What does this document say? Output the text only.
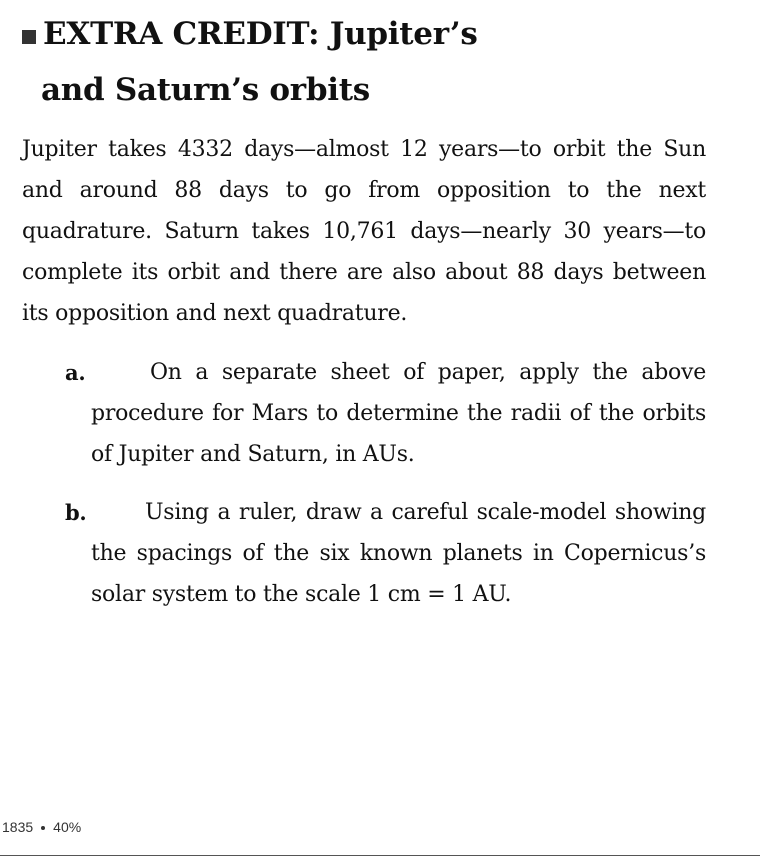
EXTRA CREDIT: Jupiter’s
and Saturn’s orbits
Jupiter takes 4332 days—almost 12 years—to orbit the Sun and around 88 days to go from opposition to the next quadrature. Saturn takes 10,761 days—nearly 30 years—to complete its orbit and there are also about 88 days between its opposition and next quadrature.
a.	On a separate sheet of paper, apply the above procedure for Mars to determine the radii of the orbits of Jupiter and Saturn, in AUs.
b.	Using a ruler, draw a careful scale-model showing the spacings of the six known planets in Copernicus’s solar system to the scale 1 cm = 1 AU.
1835 40%
